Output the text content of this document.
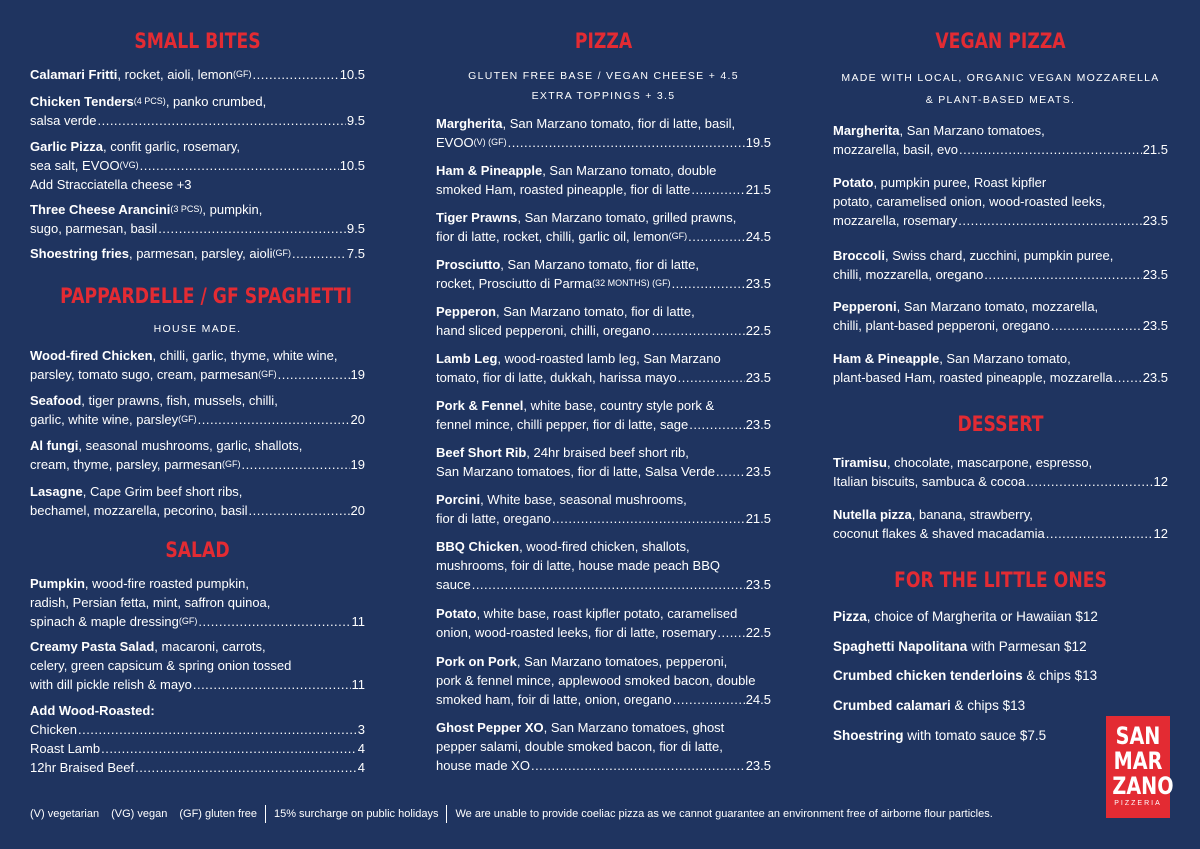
SMALL BITES
Calamari Fritti , rocket, aioli, lemon (GF) .....	10.5
Chicken Tenders (4 PCS) , panko crumbed,
salsa verde .....	9.5
Garlic Pizza , confit garlic, rosemary,
sea salt, EVOO (VG) .....	10.5
Add Stracciatella cheese +3
Three Cheese Arancini (3 PCS) , pumpkin,
sugo, parmesan, basil .....	9.5
Shoestring fries , parmesan, parsley, aioli (GF) .....	7.5
PAPPARDELLE / GF SPAGHETTI
HOUSE MADE.
Wood-fired Chicken , chilli, garlic, thyme, white wine,
parsley, tomato sugo, cream, parmesan (GF) .....	19
Seafood , tiger prawns, fish, mussels, chilli,
garlic, white wine, parsley (GF) .....	20
Al fungi , seasonal mushrooms, garlic, shallots,
cream, thyme, parsley, parmesan (GF) .....	19
Lasagne , Cape Grim beef short ribs,
bechamel, mozzarella, pecorino, basil .....	20
SALAD
Pumpkin , wood-fire roasted pumpkin,
radish, Persian fetta, mint, saffron quinoa,
spinach & maple dressing (GF) .....	11
Creamy Pasta Salad , macaroni, carrots,
celery, green capsicum & spring onion tossed
with dill pickle relish & mayo .....	11
Add Wood-Roasted:
Chicken .....	3
Roast Lamb .....	4
12hr Braised Beef .....	4
PIZZA
GLUTEN FREE BASE / VEGAN CHEESE + 4.5
EXTRA TOPPINGS + 3.5
Margherita , San Marzano tomato, fior di latte, basil,
EVOO (V) (GF) .....	19.5
Ham & Pineapple , San Marzano tomato, double
smoked Ham, roasted pineapple, fior di latte .....	21.5
Tiger Prawns , San Marzano tomato, grilled prawns,
fior di latte, rocket, chilli, garlic oil, lemon (GF) .....	24.5
Prosciutto , San Marzano tomato, fior di latte,
rocket, Prosciutto di Parma (32 MONTHS) (GF) .....	23.5
Pepperon , San Marzano tomato, fior di latte,
hand sliced pepperoni, chilli, oregano .....	22.5
Lamb Leg , wood-roasted lamb leg, San Marzano
tomato, fior di latte, dukkah, harissa mayo .....	23.5
Pork & Fennel , white base, country style pork &
fennel mince, chilli pepper, fior di latte, sage .....	23.5
Beef Short Rib , 24hr braised beef short rib,
San Marzano tomatoes, fior di latte, Salsa Verde ..... 23.5
Porcini , White base, seasonal mushrooms,
fior di latte, oregano .....	21.5
BBQ Chicken , wood-fired chicken, shallots,
mushrooms, foir di latte, house made peach BBQ
sauce .....	23.5
Potato , white base, roast kipfler potato, caramelised
onion, wood-roasted leeks, fior di latte, rosemary ..... 22.5
Pork on Pork , San Marzano tomatoes, pepperoni,
pork & fennel mince, applewood smoked bacon, double
smoked ham, foir di latte, onion, oregano .....	24.5
Ghost Pepper XO , San Marzano tomatoes, ghost
pepper salami, double smoked bacon, fior di latte,
house made XO .....	23.5
VEGAN PIZZA
MADE WITH LOCAL, ORGANIC VEGAN MOZZARELLA
& PLANT-BASED MEATS.
Margherita , San Marzano tomatoes,
mozzarella, basil, evo .....	21.5
Potato , pumpkin puree, Roast kipfler
potato, caramelised onion, wood-roasted leeks,
mozzarella, rosemary .....	23.5
Broccoli , Swiss chard, zucchini, pumpkin puree,
chilli, mozzarella, oregano .....	23.5
Pepperoni , San Marzano tomato, mozzarella,
chilli, plant-based pepperoni, oregano .....	23.5
Ham & Pineapple , San Marzano tomato,
plant-based Ham, roasted pineapple, mozzarella ..... 23.5
DESSERT
Tiramisu , chocolate, mascarpone, espresso,
Italian biscuits, sambuca & cocoa .....	12
Nutella pizza , banana, strawberry,
coconut flakes & shaved macadamia .....	12
FOR THE LITTLE ONES
Pizza, choice of Margherita or Hawaiian $12
Spaghetti Napolitana with Parmesan $12
Crumbed chicken tenderloins & chips $13
Crumbed calamari & chips $13
Shoestring with tomato sauce $7.5	SAN
MAR
ZANO
PIZZERIA
(V) vegetarian (VG) vegan (GF) gluten free 15% surcharge on public holidays We are unable to provide coeliac pizza as we cannot guarantee an environment free of airborne flour particles.
